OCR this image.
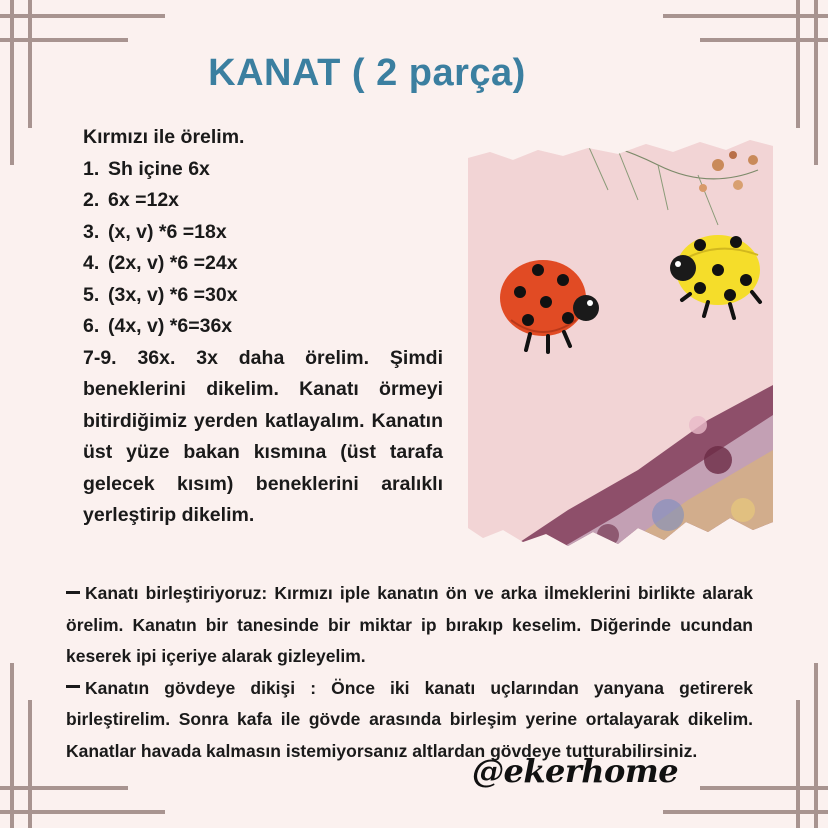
KANAT ( 2 parça)
Kırmızı ile örelim.
1. Sh içine 6x
2. 6x =12x
3. (x, v) *6 =18x
4. (2x, v) *6 =24x
5. (3x, v) *6 =30x
6. (4x, v) *6=36x
7-9. 36x. 3x daha örelim. Şimdi beneklerini dikelim. Kanatı örmeyi bitirdiğimiz yerden katlayalım. Kanatın üst yüze bakan kısmına (üst tarafa gelecek kısım) beneklerini aralıklı yerleştirip dikelim.
Kanatı birleştiriyoruz: Kırmızı iple kanatın ön ve arka ilmeklerini birlikte alarak örelim. Kanatın bir tanesinde bir miktar ip bırakıp keselim. Diğerinde ucundan keserek ipi içeriye alarak gizleyelim.
Kanatın gövdeye dikişi : Önce iki kanatı uçlarından yanyana getirerek birleştirelim. Sonra kafa ile gövde arasında birleşim yerine ortalayarak dikelim. Kanatlar havada kalmasın istemiyorsanız altlardan gövdeye tutturabilirsiniz.
@ekerhome
